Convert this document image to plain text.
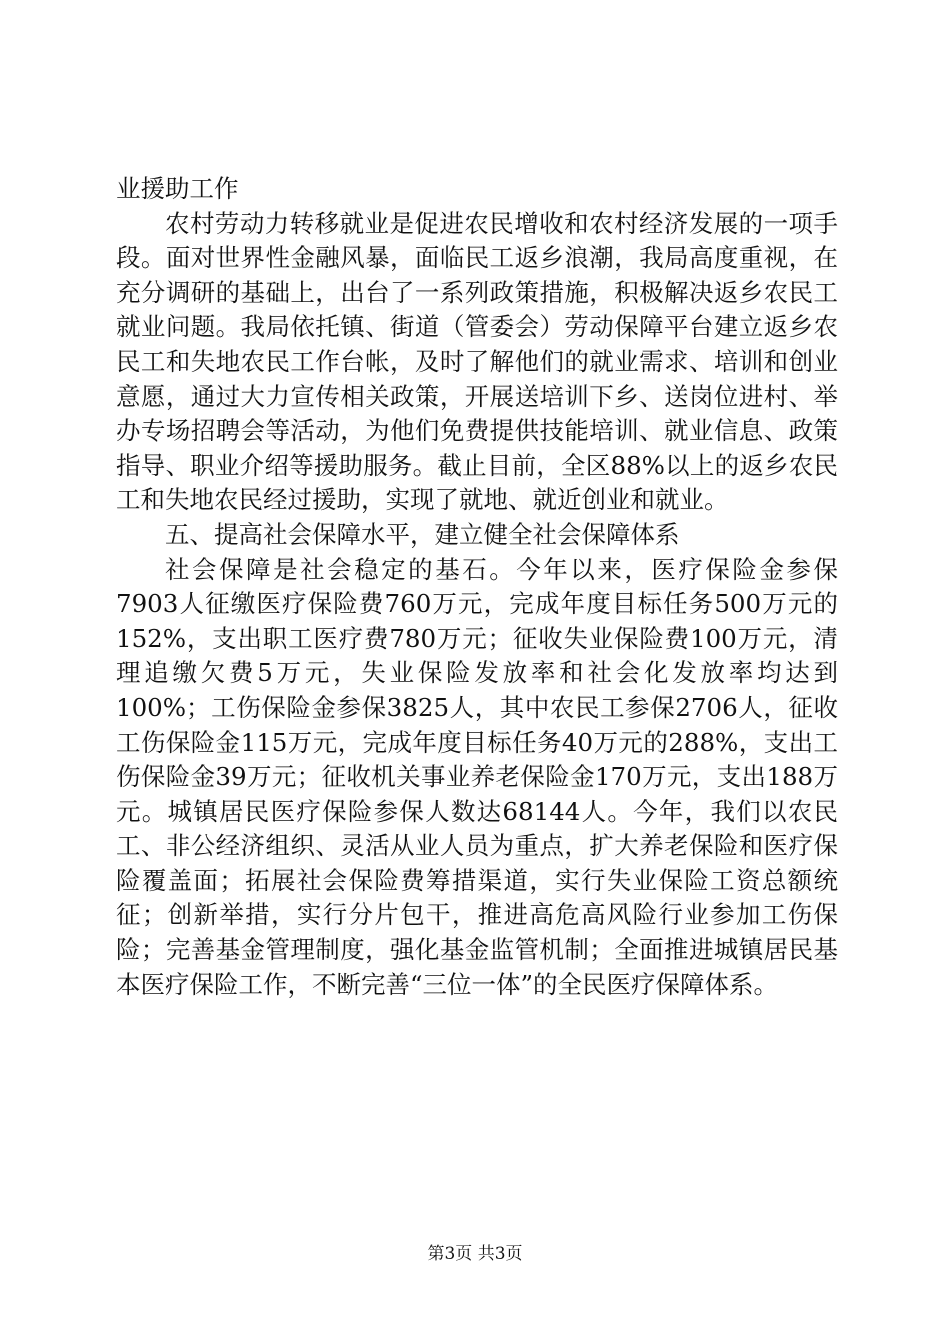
业援助工作

农村劳动力转移就业是促进农民增收和农村经济发展的一项手段。面对世界性金融风暴，面临民工返乡浪潮，我局高度重视，在充分调研的基础上，出台了一系列政策措施，积极解决返乡农民工就业问题。我局依托镇、街道（管委会）劳动保障平台建立返乡农民工和失地农民工作台帐，及时了解他们的就业需求、培训和创业意愿，通过大力宣传相关政策，开展送培训下乡、送岗位进村、举办专场招聘会等活动，为他们免费提供技能培训、就业信息、政策指导、职业介绍等援助服务。截止目前，全区88%以上的返乡农民工和失地农民经过援助，实现了就地、就近创业和就业。

五、提高社会保障水平，建立健全社会保障体系

社会保障是社会稳定的基石。今年以来，医疗保险金参保7903人征缴医疗保险费760万元，完成年度目标任务500万元的152%，支出职工医疗费780万元；征收失业保险费100万元，清理追缴欠费5万元，失业保险发放率和社会化发放率均达到100%；工伤保险金参保3825人，其中农民工参保2706人，征收工伤保险金115万元，完成年度目标任务40万元的288%，支出工伤保险金39万元；征收机关事业养老保险金170万元，支出188万元。城镇居民医疗保险参保人数达68144人。今年，我们以农民工、非公经济组织、灵活从业人员为重点，扩大养老保险和医疗保险覆盖面；拓展社会保险费筹措渠道，实行失业保险工资总额统征；创新举措，实行分片包干，推进高危高风险行业参加工伤保险；完善基金管理制度，强化基金监管机制；全面推进城镇居民基本医疗保险工作，不断完善“三位一体”的全民医疗保障体系。

第3页 共3页
